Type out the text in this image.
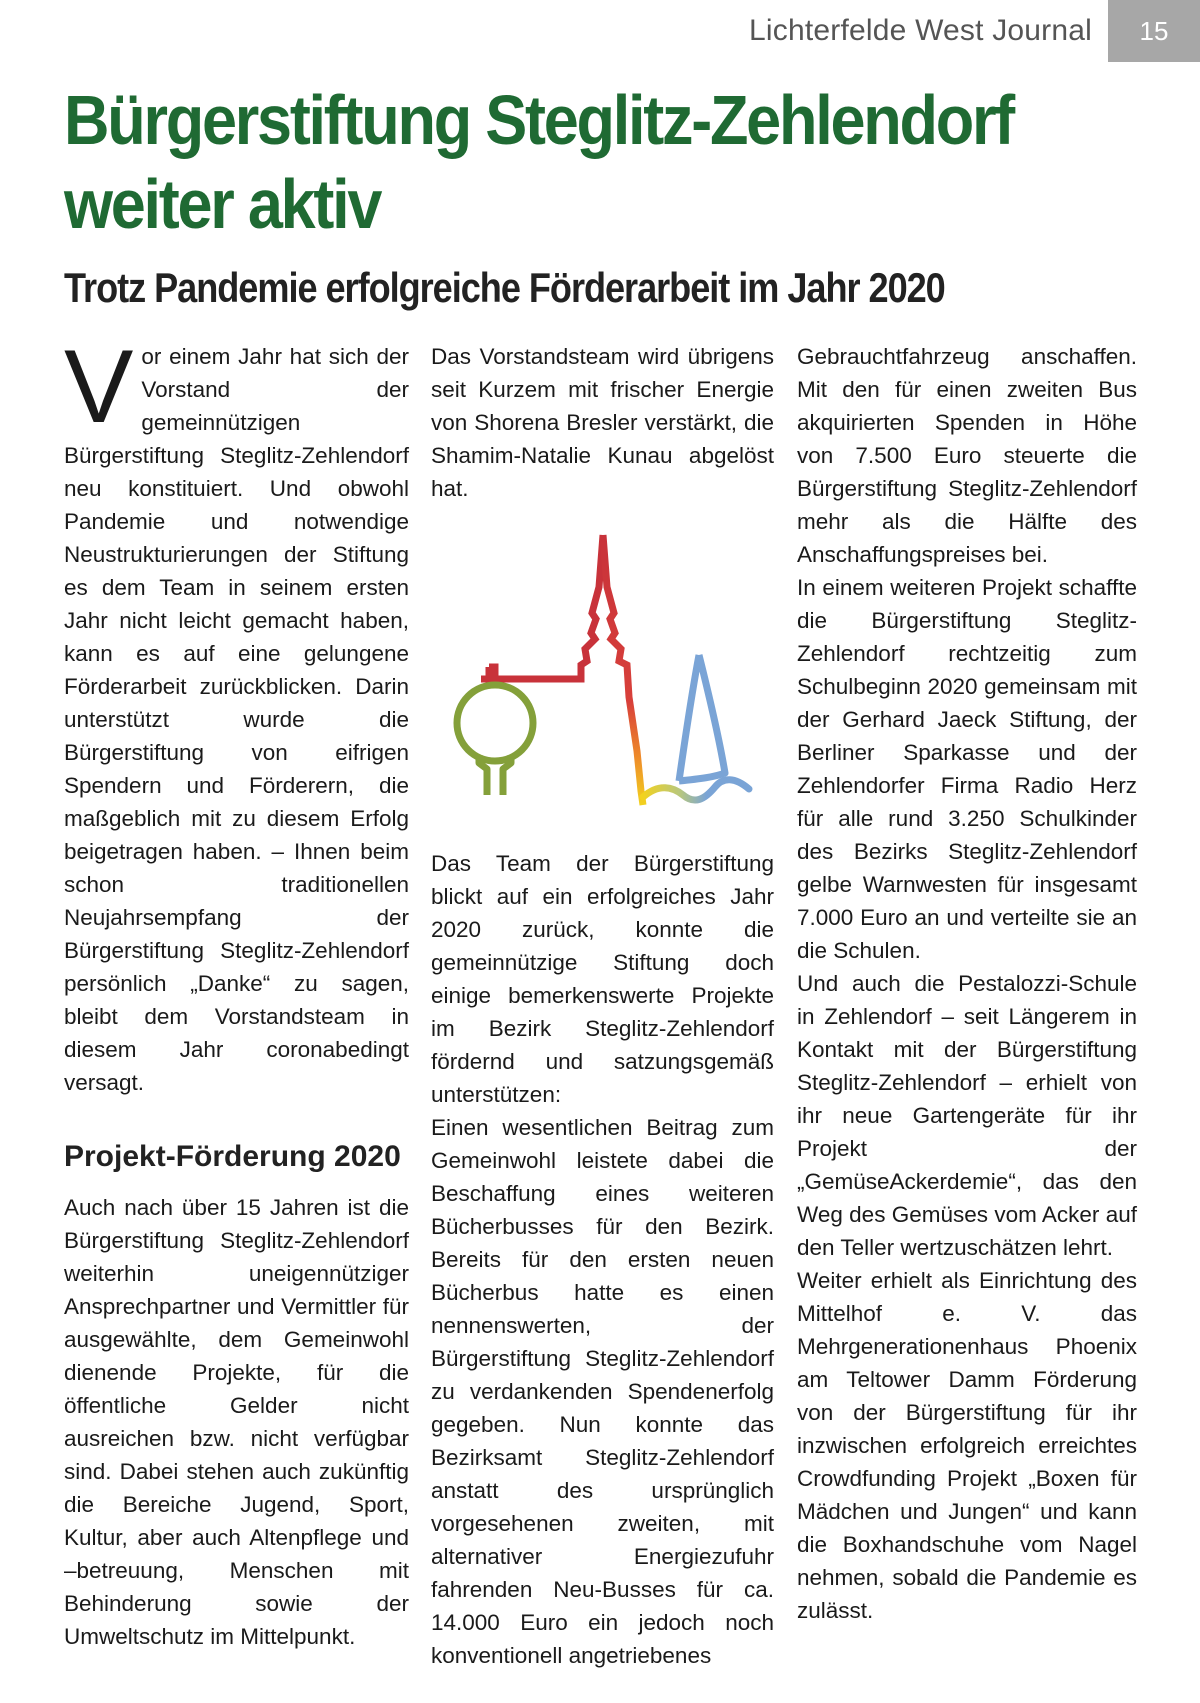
Lichterfelde West Journal	15
Bürgerstiftung Steglitz-Zehlendorf weiter aktiv
Trotz Pandemie erfolgreiche Förderarbeit im Jahr 2020

Vor einem Jahr hat sich der Vorstand der gemeinnützigen Bürgerstiftung Steglitz-Zehlendorf neu konstituiert. Und obwohl Pandemie und notwendige Neustrukturierungen der Stiftung es dem Team in seinem ersten Jahr nicht leicht gemacht haben, kann es auf eine gelungene Förderarbeit zurückblicken. Darin unterstützt wurde die Bürgerstiftung von eifrigen Spendern und Förderern, die maßgeblich mit zu diesem Erfolg beigetragen haben. – Ihnen beim schon traditionellen Neujahrsempfang der Bürgerstiftung Steglitz-Zehlendorf persönlich „Danke“ zu sagen, bleibt dem Vorstandsteam in diesem Jahr coronabedingt versagt.

Projekt-Förderung 2020

Auch nach über 15 Jahren ist die Bürgerstiftung Steglitz-Zehlendorf weiterhin uneigennütziger Ansprechpartner und Vermittler für ausgewählte, dem Gemeinwohl dienende Projekte, für die öffentliche Gelder nicht ausreichen bzw. nicht verfügbar sind. Dabei stehen auch zukünftig die Bereiche Jugend, Sport, Kultur, aber auch Altenpflege und –betreuung, Menschen mit Behinderung sowie der Umweltschutz im Mittelpunkt.

Das Vorstandsteam wird übrigens seit Kurzem mit frischer Energie von Shorena Bresler verstärkt, die Shamim-Natalie Kunau abgelöst hat.

Das Team der Bürgerstiftung blickt auf ein erfolgreiches Jahr 2020 zurück, konnte die gemeinnützige Stiftung doch einige bemerkenswerte Projekte im Bezirk Steglitz-Zehlendorf fördernd und satzungsgemäß unterstützen:

Einen wesentlichen Beitrag zum Gemeinwohl leistete dabei die Beschaffung eines weiteren Bücherbusses für den Bezirk. Bereits für den ersten neuen Bücherbus hatte es einen nennenswerten, der Bürgerstiftung Steglitz-Zehlendorf zu verdankenden Spendenerfolg gegeben. Nun konnte das Bezirksamt Steglitz-Zehlendorf anstatt des ursprünglich vorgesehenen zweiten, mit alternativer Energiezufuhr fahrenden Neu-Busses für ca. 14.000 Euro ein jedoch noch konventionell angetriebenes

Gebrauchtfahrzeug anschaffen. Mit den für einen zweiten Bus akquirierten Spenden in Höhe von 7.500 Euro steuerte die Bürgerstiftung Steglitz-Zehlendorf mehr als die Hälfte des Anschaffungspreises bei.

In einem weiteren Projekt schaffte die Bürgerstiftung Steglitz-Zehlendorf rechtzeitig zum Schulbeginn 2020 gemeinsam mit der Gerhard Jaeck Stiftung, der Berliner Sparkasse und der Zehlendorfer Firma Radio Herz für alle rund 3.250 Schulkinder des Bezirks Steglitz-Zehlendorf gelbe Warnwesten für insgesamt 7.000 Euro an und verteilte sie an die Schulen.

Und auch die Pestalozzi-Schule in Zehlendorf – seit Längerem in Kontakt mit der Bürgerstiftung Steglitz-Zehlendorf – erhielt von ihr neue Gartengeräte für ihr Projekt der „GemüseAckerdemie“, das den Weg des Gemüses vom Acker auf den Teller wertzuschätzen lehrt.

Weiter erhielt als Einrichtung des Mittelhof e. V. das Mehrgenerationenhaus Phoenix am Teltower Damm Förderung von der Bürgerstiftung für ihr inzwischen erfolgreich erreichtes Crowdfunding Projekt „Boxen für Mädchen und Jungen“ und kann die Boxhandschuhe vom Nagel nehmen, sobald die Pandemie es zulässt.
